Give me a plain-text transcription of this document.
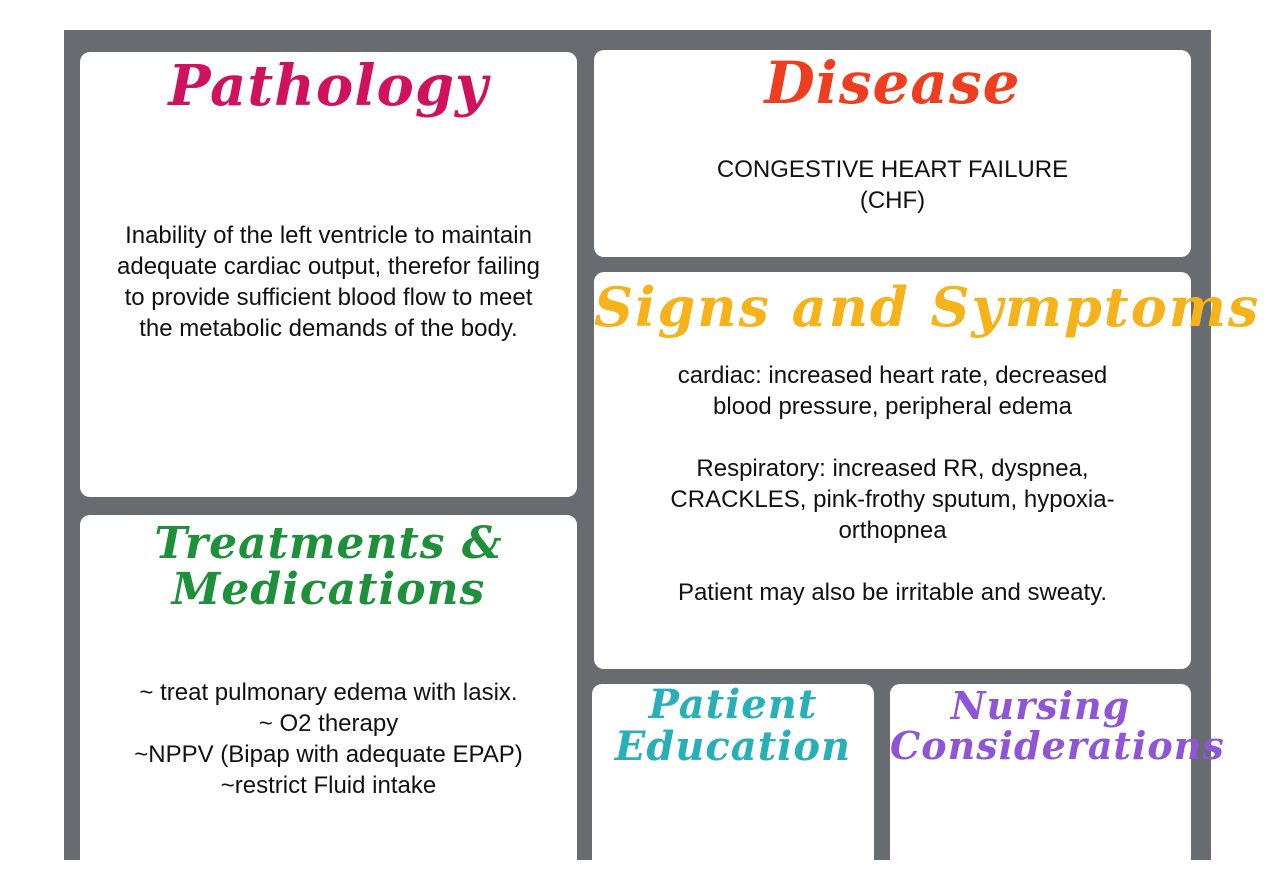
Pathology

Inability of the left ventricle to maintain adequate cardiac output, therefor failing to provide sufficient blood flow to meet the metabolic demands of the body.

Disease
CONGESTIVE HEART FAILURE
(CHF)
Signs and Symptoms

cardiac: increased heart rate, decreased blood pressure, peripheral edema

Respiratory: increased RR, dyspnea, CRACKLES, pink-frothy sputum, hypoxia- orthopnea

Patient may also be irritable and sweaty.

Treatments &
Medications
~ treat pulmonary edema with lasix.
~ O2 therapy
~NPPV (Bipap with adequate EPAP)
~restrict Fluid intake
Patient
Education
Nursing
Considerations
